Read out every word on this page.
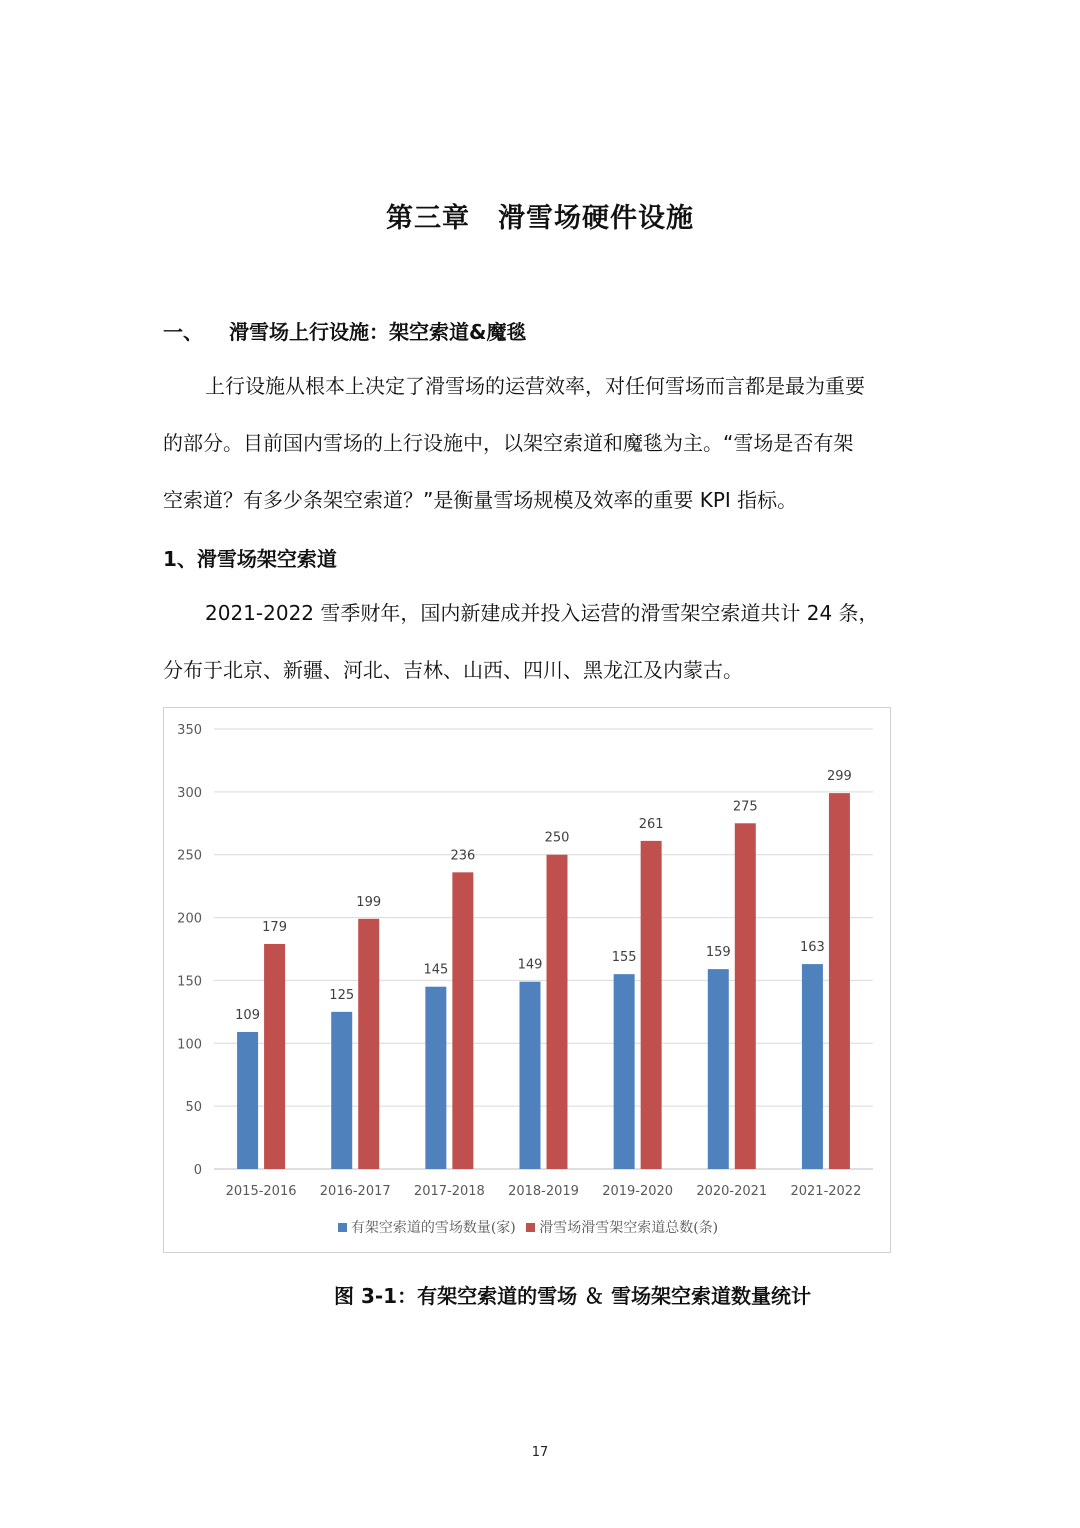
第三章　滑雪场硬件设施
一、 滑雪场上行设施：架空索道&魔毯
上行设施从根本上决定了滑雪场的运营效率，对任何雪场而言都是最为重要
的部分。目前国内雪场的上行设施中，以架空索道和魔毯为主。“雪场是否有架
空索道？有多少条架空索道？”是衡量雪场规模及效率的重要 KPI 指标。
1、滑雪场架空索道
2021-2022 雪季财年，国内新建成并投入运营的滑雪架空索道共计 24 条，
分布于北京、新疆、河北、吉林、山西、四川、黑龙江及内蒙古。
0
50
100
150
200
250
300
350
109
179
2015-2016
125
199
2016-2017
145
236
2017-2018
149
250
2018-2019
155
261
2019-2020
159
275
2020-2021
163
299
2021-2022
有架空索道的雪场数量(家) 滑雪场滑雪架空索道总数(条)
图 3-1：有架空索道的雪场 ＆ 雪场架空索道数量统计
17
